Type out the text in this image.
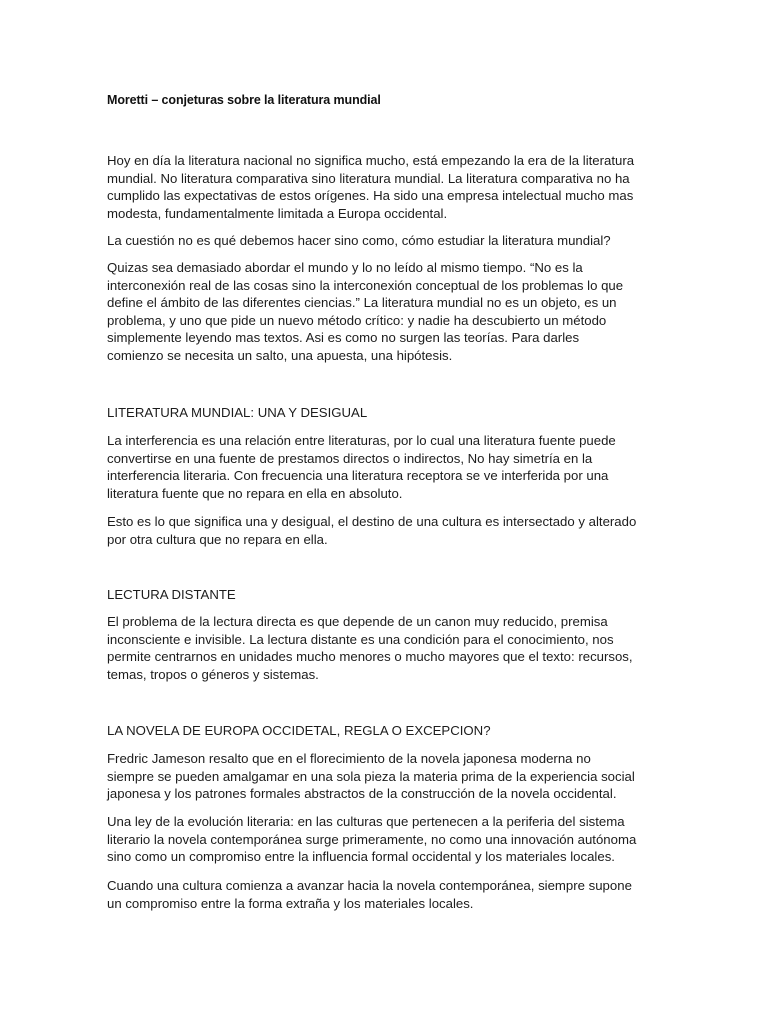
Moretti – conjeturas sobre la literatura mundial

Hoy en día la literatura nacional no significa mucho, está empezando la era de la literatura
mundial. No literatura comparativa sino literatura mundial. La literatura comparativa no ha
cumplido las expectativas de estos orígenes. Ha sido una empresa intelectual mucho mas
modesta, fundamentalmente limitada a Europa occidental.

La cuestión no es qué debemos hacer sino como, cómo estudiar la literatura mundial?

Quizas sea demasiado abordar el mundo y lo no leído al mismo tiempo. “No es la
interconexión real de las cosas sino la interconexión conceptual de los problemas lo que
define el ámbito de las diferentes ciencias.” La literatura mundial no es un objeto, es un
problema, y uno que pide un nuevo método crítico: y nadie ha descubierto un método
simplemente leyendo mas textos. Asi es como no surgen las teorías. Para darles
comienzo se necesita un salto, una apuesta, una hipótesis.

LITERATURA MUNDIAL: UNA Y DESIGUAL

La interferencia es una relación entre literaturas, por lo cual una literatura fuente puede
convertirse en una fuente de prestamos directos o indirectos, No hay simetría en la
interferencia literaria. Con frecuencia una literatura receptora se ve interferida por una
literatura fuente que no repara en ella en absoluto.

Esto es lo que significa una y desigual, el destino de una cultura es intersectado y alterado
por otra cultura que no repara en ella.

LECTURA DISTANTE

El problema de la lectura directa es que depende de un canon muy reducido, premisa
inconsciente e invisible. La lectura distante es una condición para el conocimiento, nos
permite centrarnos en unidades mucho menores o mucho mayores que el texto: recursos,
temas, tropos o géneros y sistemas.

LA NOVELA DE EUROPA OCCIDETAL, REGLA O EXCEPCION?

Fredric Jameson resalto que en el florecimiento de la novela japonesa moderna no
siempre se pueden amalgamar en una sola pieza la materia prima de la experiencia social
japonesa y los patrones formales abstractos de la construcción de la novela occidental.

Una ley de la evolución literaria: en las culturas que pertenecen a la periferia del sistema
literario la novela contemporánea surge primeramente, no como una innovación autónoma
sino como un compromiso entre la influencia formal occidental y los materiales locales.

Cuando una cultura comienza a avanzar hacia la novela contemporánea, siempre supone
un compromiso entre la forma extraña y los materiales locales.
